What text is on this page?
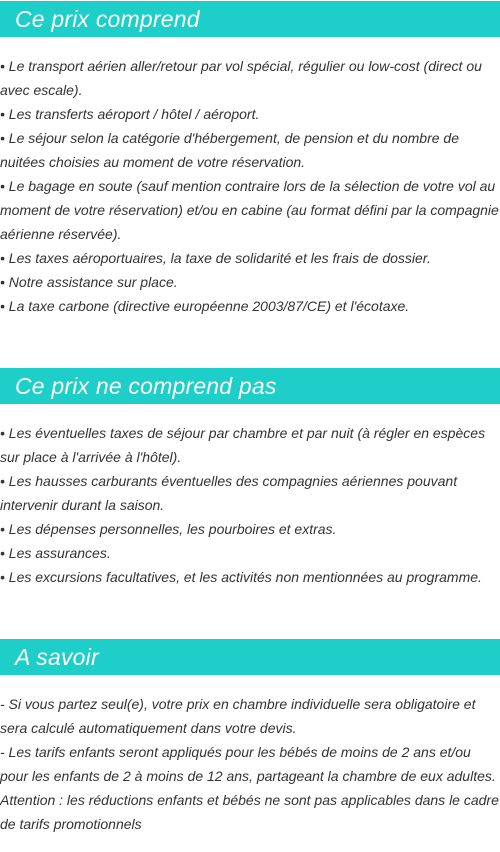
Ce prix comprend
• Le transport aérien aller/retour par vol spécial, régulier ou low-cost (direct ou avec escale).
• Les transferts aéroport / hôtel / aéroport.
• Le séjour selon la catégorie d'hébergement, de pension et du nombre de nuitées choisies au moment de votre réservation.
• Le bagage en soute (sauf mention contraire lors de la sélection de votre vol au moment de votre réservation) et/ou en cabine (au format défini par la compagnie aérienne réservée).
• Les taxes aéroportuaires, la taxe de solidarité et les frais de dossier.
• Notre assistance sur place.
• La taxe carbone (directive européenne 2003/87/CE) et l'écotaxe.
Ce prix ne comprend pas
• Les éventuelles taxes de séjour par chambre et par nuit (à régler en espèces sur place à l'arrivée à l'hôtel).
• Les hausses carburants éventuelles des compagnies aériennes pouvant intervenir durant la saison.
• Les dépenses personnelles, les pourboires et extras.
• Les assurances.
• Les excursions facultatives, et les activités non mentionnées au programme.
A savoir
- Si vous partez seul(e), votre prix en chambre individuelle sera obligatoire et sera calculé automatiquement dans votre devis.
- Les tarifs enfants seront appliqués pour les bébés de moins de 2 ans et/ou pour les enfants de 2 à moins de 12 ans, partageant la chambre de eux adultes.
Attention : les réductions enfants et bébés ne sont pas applicables dans le cadre de tarifs promotionnels
